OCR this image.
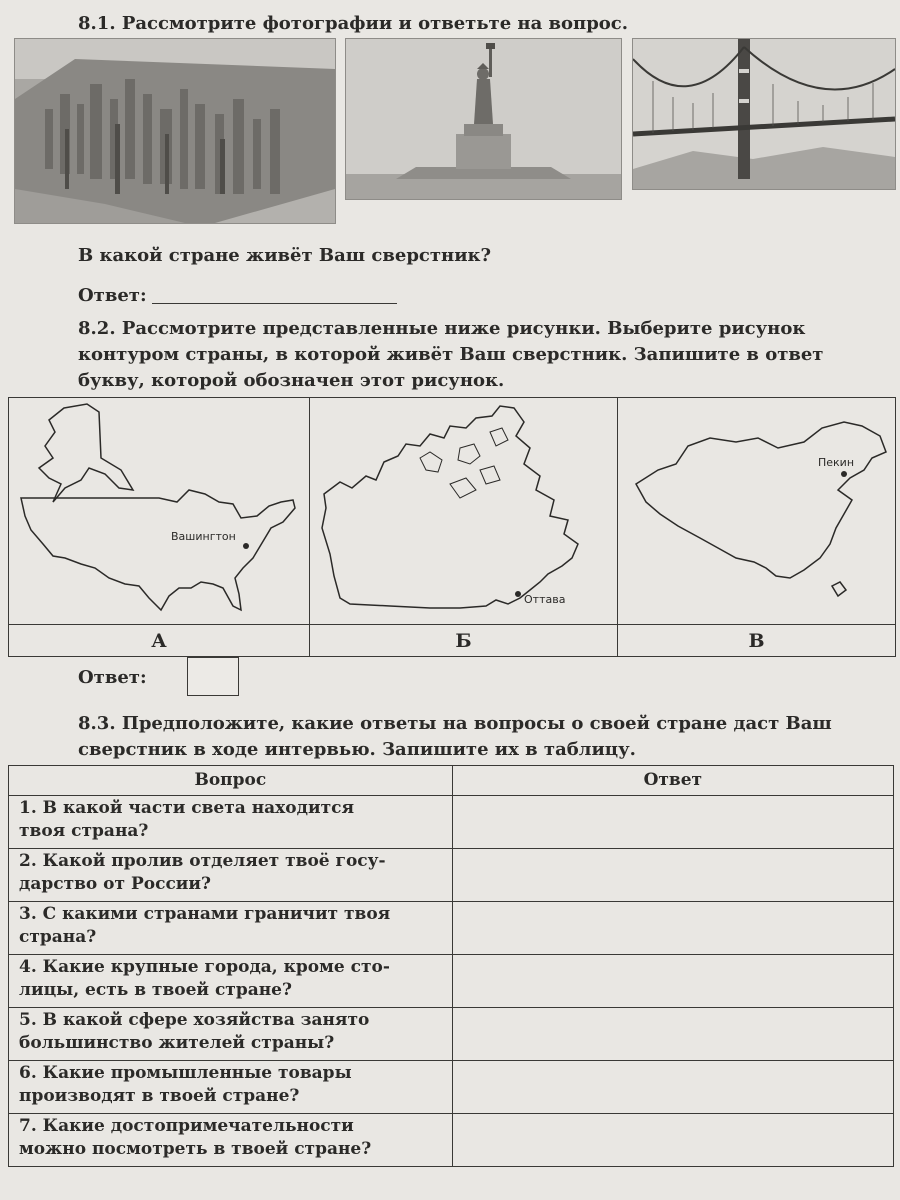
8.1. Рассмотрите фотографии и ответьте на вопрос.
В какой стране живёт Ваш сверстник?
Ответ:
8.2. Рассмотрите представленные ниже рисунки. Выберите рисунок
контуром страны, в которой живёт Ваш сверстник. Запишите в ответ
букву, которой обозначен этот рисунок.
Вашингтон
А
Оттава
Б
Пекин
В
Ответ:
8.3. Предположите, какие ответы на вопросы о своей стране даст Ваш
сверстник в ходе интервью. Запишите их в таблицу.
Вопрос	Ответ
1. В какой части света находится
твоя страна?	
2. Какой пролив отделяет твоё госу-
дарство от России?	
3. С какими странами граничит твоя
страна?	
4. Какие крупные города, кроме сто-
лицы, есть в твоей стране?	
5. В какой сфере хозяйства занято
большинство жителей страны?	
6. Какие промышленные товары
производят в твоей стране?	
7. Какие достопримечательности
можно посмотреть в твоей стране?	
